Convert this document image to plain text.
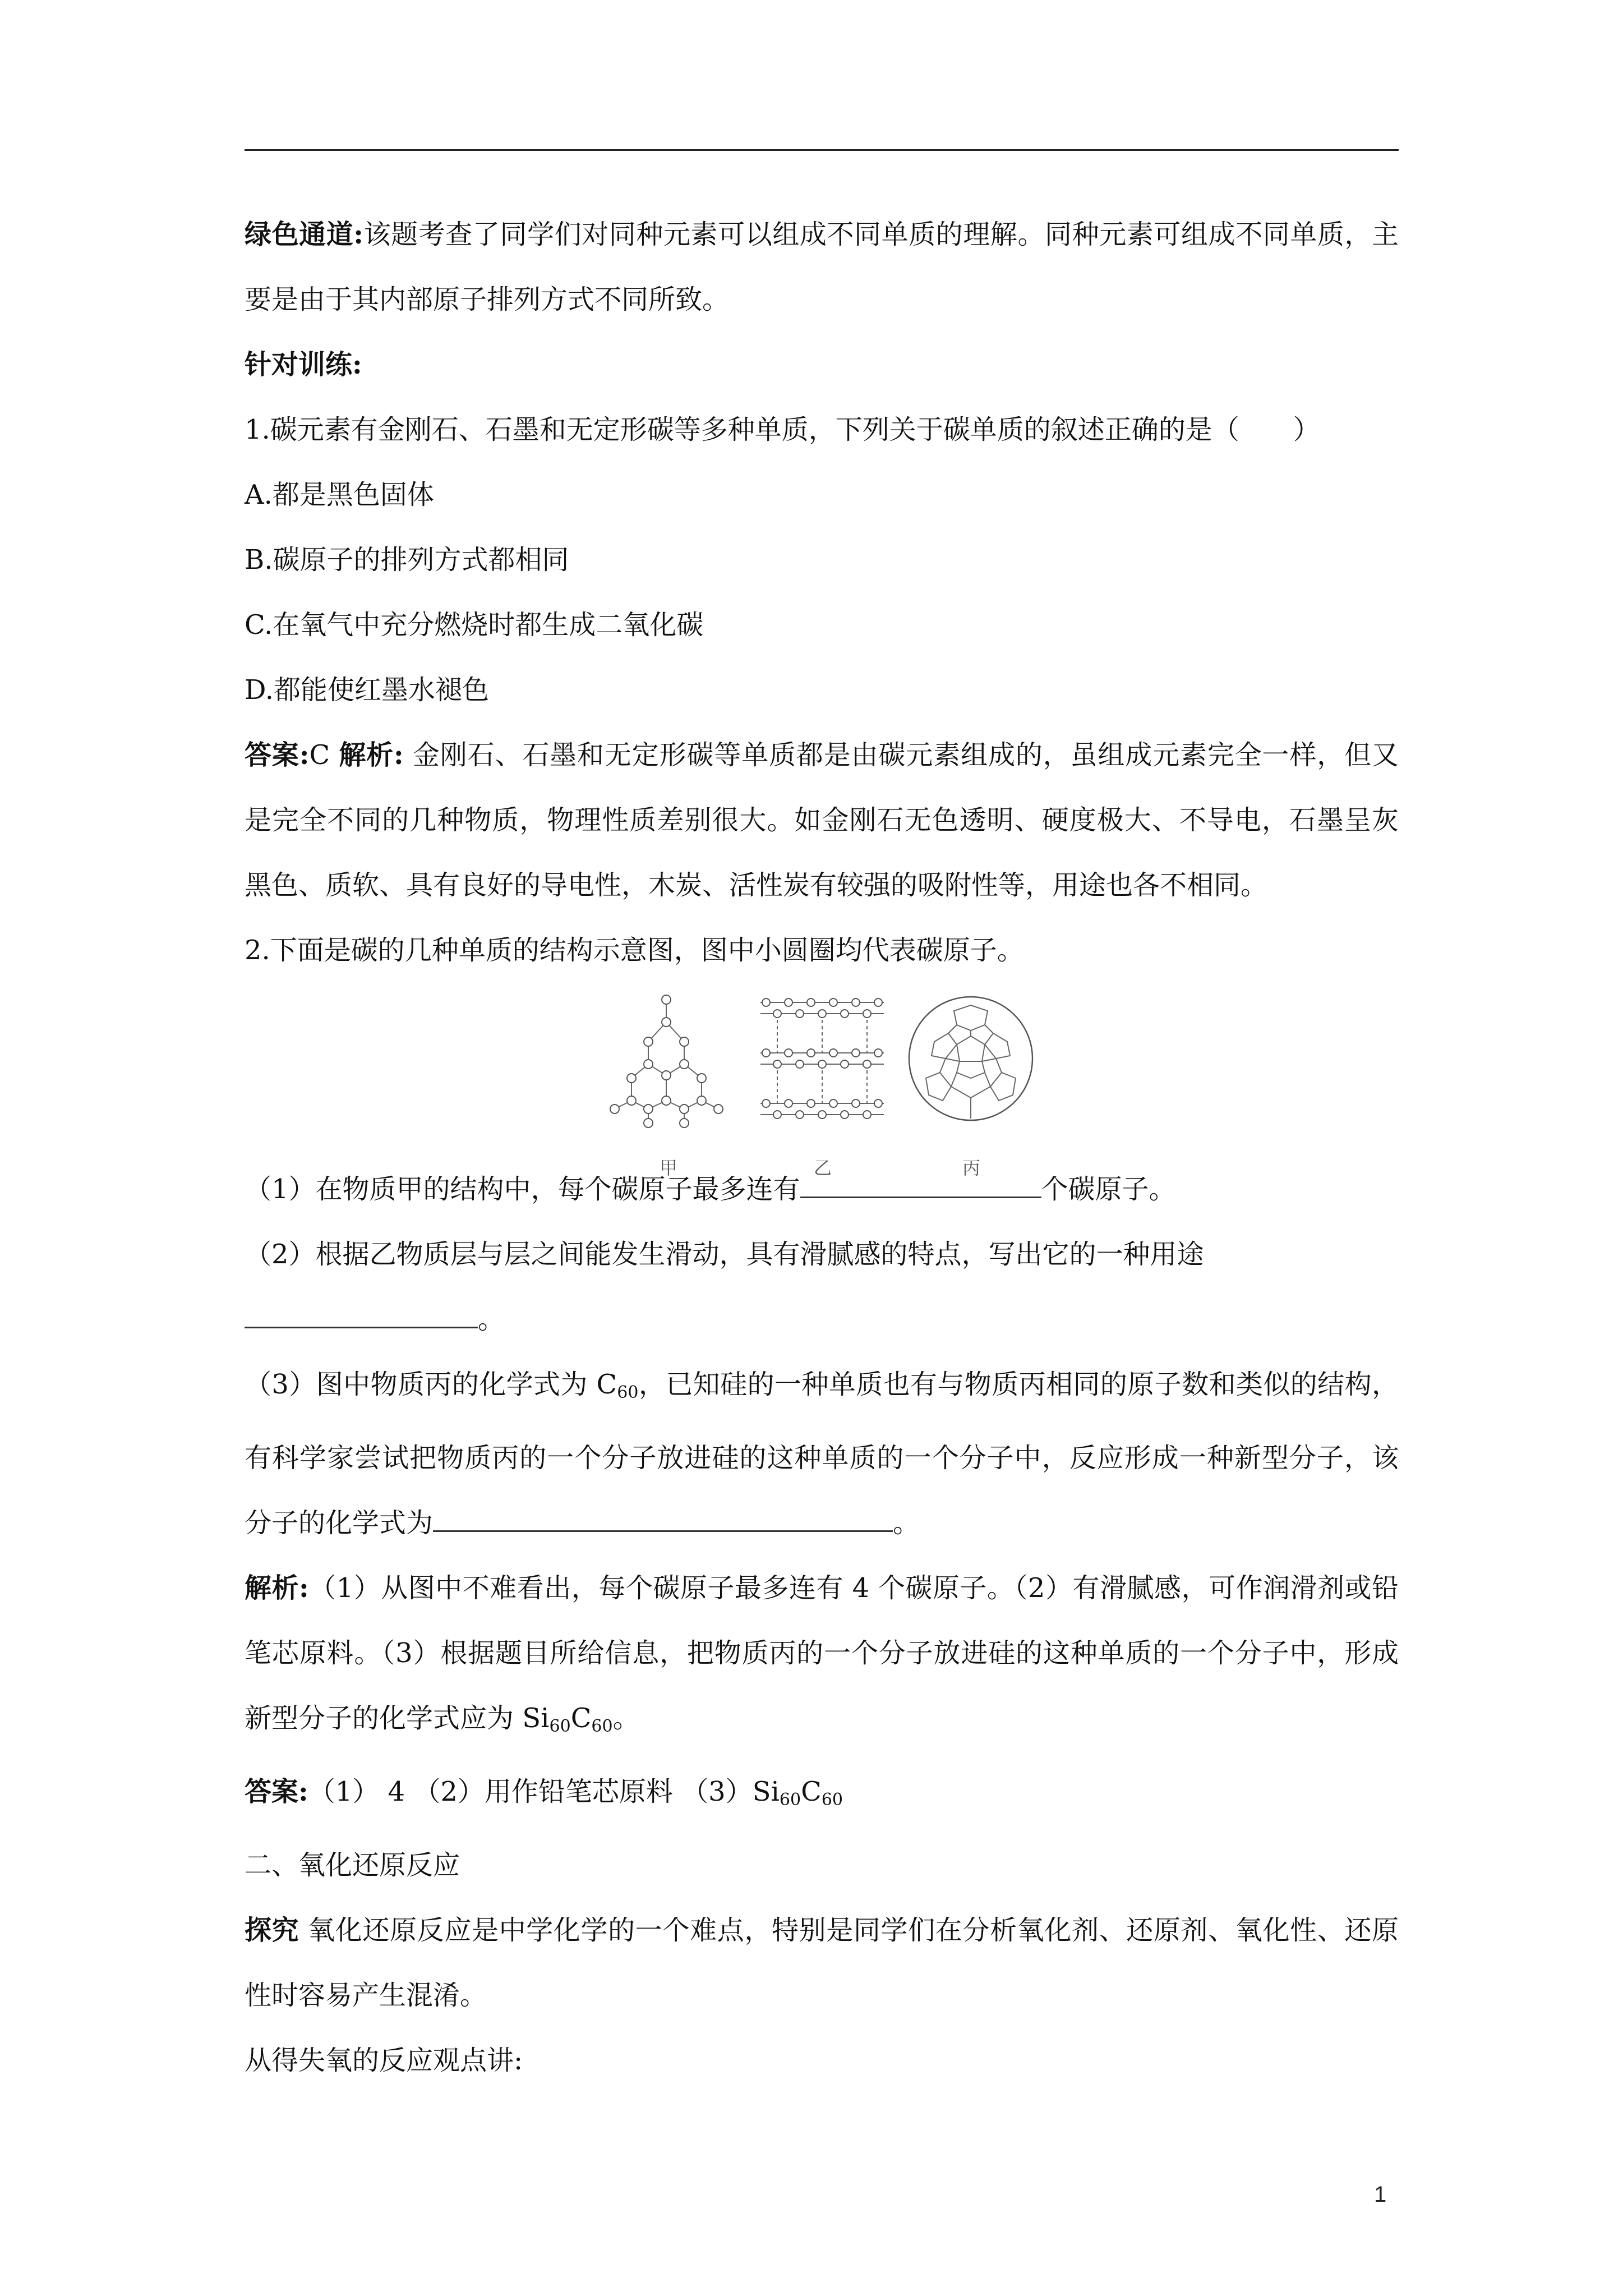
绿色通道:该题考查了同学们对同种元素可以组成不同单质的理解。同种元素可组成不同单质，主要是由于其内部原子排列方式不同所致。

针对训练:

1.碳元素有金刚石、石墨和无定形碳等多种单质，下列关于碳单质的叙述正确的是（　　）

A.都是黑色固体

B.碳原子的排列方式都相同

C.在氧气中充分燃烧时都生成二氧化碳

D.都能使红墨水褪色

答案:C 解析: 金刚石、石墨和无定形碳等单质都是由碳元素组成的，虽组成元素完全一样，但又是完全不同的几种物质，物理性质差别很大。如金刚石无色透明、硬度极大、不导电，石墨呈灰黑色、质软、具有良好的导电性，木炭、活性炭有较强的吸附性等，用途也各不相同。

2.下面是碳的几种单质的结构示意图，图中小圆圈均代表碳原子。

甲	乙	丙

（1）在物质甲的结构中，每个碳原子最多连有	个碳原子。

（2）根据乙物质层与层之间能发生滑动，具有滑腻感的特点，写出它的一种用途
。

（3）图中物质丙的化学式为 $C_{60}$，已知硅的一种单质也有与物质丙相同的原子数和类似的结构，有科学家尝试把物质丙的一个分子放进硅的这种单质的一个分子中，反应形成一种新型分子，该分子的化学式为	。

解析:（1）从图中不难看出，每个碳原子最多连有 4 个碳原子。（2）有滑腻感，可作润滑剂或铅笔芯原料。（3）根据题目所给信息，把物质丙的一个分子放进硅的这种单质的一个分子中，形成新型分子的化学式应为 $Si_{60}C_{60}$。

答案:（1） 4 （2）用作铅笔芯原料 $(3)Si_{60}C_{60}$

二、氧化还原反应

探究 氧化还原反应是中学化学的一个难点，特别是同学们在分析氧化剂、还原剂、氧化性、还原性时容易产生混淆。

从得失氧的反应观点讲:

1
